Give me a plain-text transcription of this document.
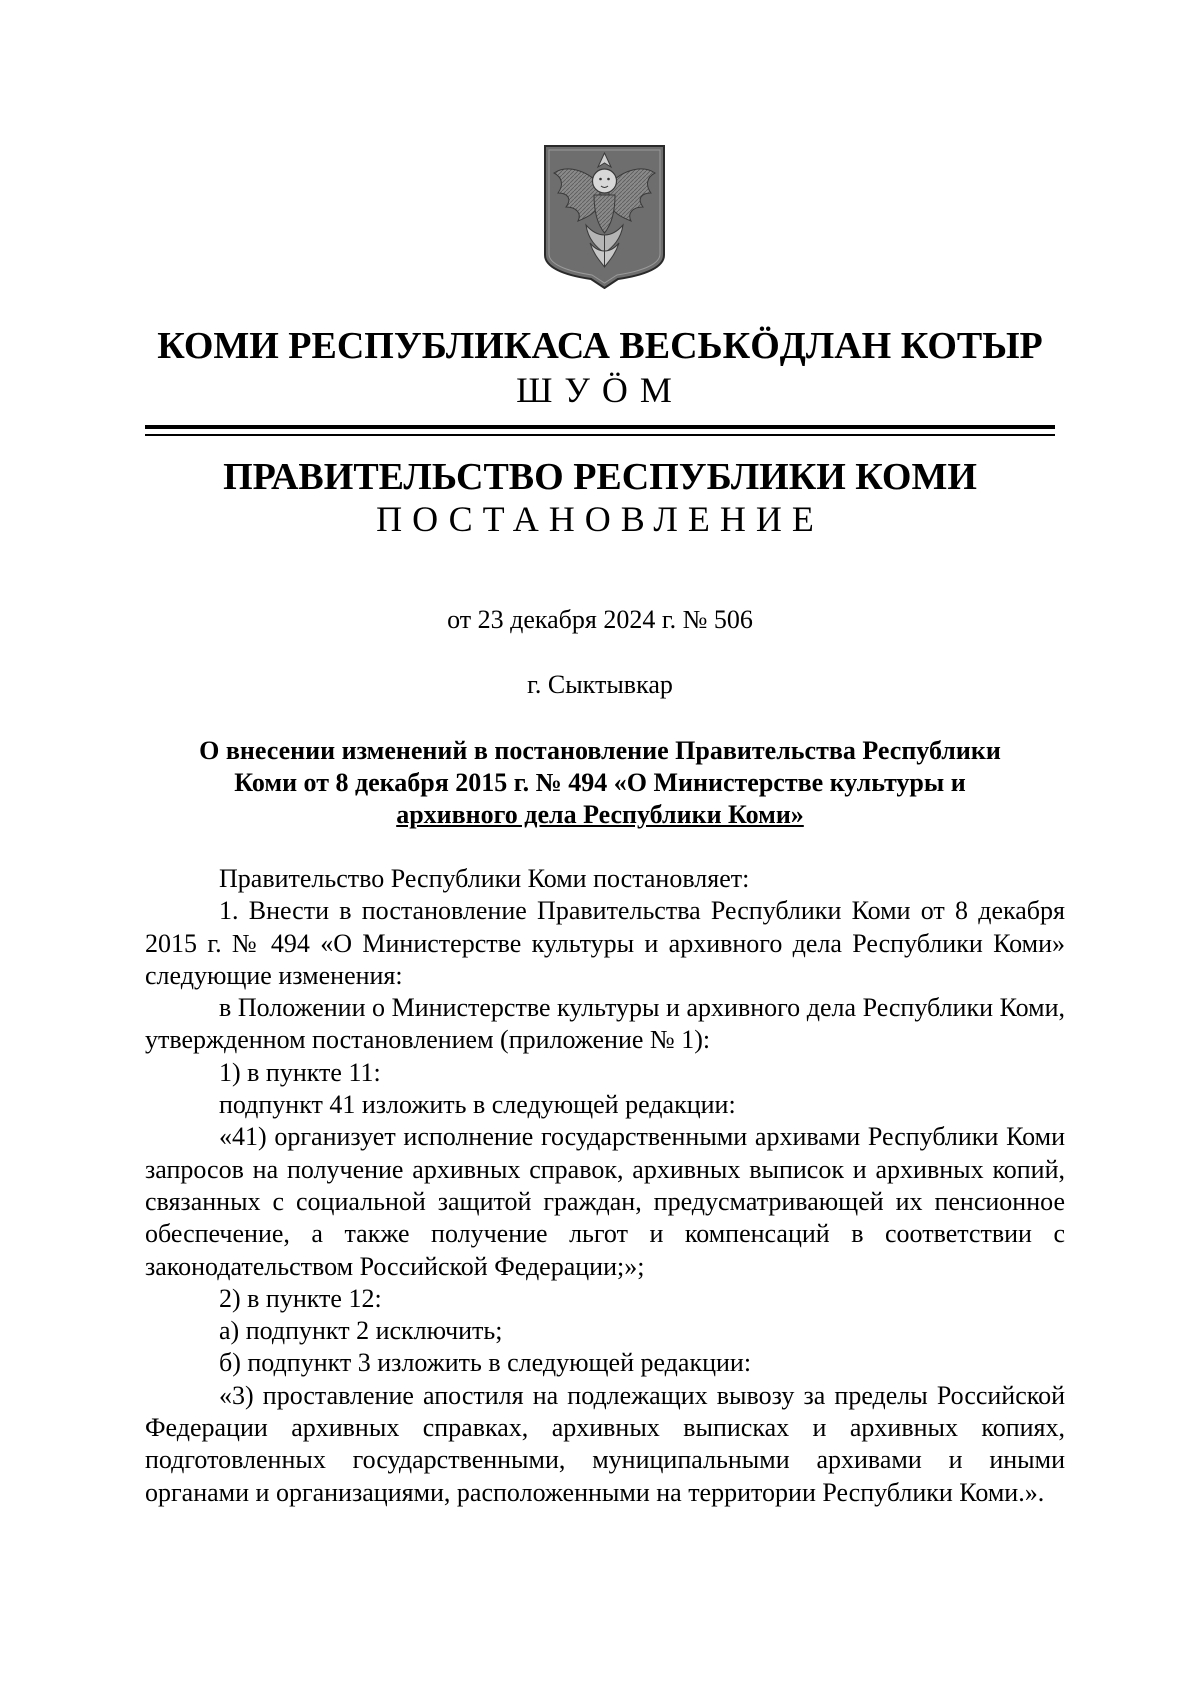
КОМИ РЕСПУБЛИКАСА ВЕСЬКӦДЛАН КОТЫР
ШУӦМ
ПРАВИТЕЛЬСТВО РЕСПУБЛИКИ КОМИ
ПОСТАНОВЛЕНИЕ
от 23 декабря 2024 г. № 506
г. Сыктывкар
О внесении изменений в постановление Правительства Республики
Коми от 8 декабря 2015 г. № 494 «О Министерстве культуры и
архивного дела Республики Коми»

Правительство Республики Коми постановляет:

1. Внести в постановление Правительства Республики Коми от 8 декабря 2015 г. № 494 «О Министерстве культуры и архивного дела Республики Коми» следующие изменения:

в Положении о Министерстве культуры и архивного дела Республики Коми, утвержденном постановлением (приложение № 1):

1) в пункте 11:

подпункт 41 изложить в следующей редакции:

«41) организует исполнение государственными архивами Республики Коми запросов на получение архивных справок, архивных выписок и архивных копий, связанных с социальной защитой граждан, предусматривающей их пенсионное обеспечение, а также получение льгот и компенсаций в соответствии с законодательством Российской Федерации;»;

2) в пункте 12:

а) подпункт 2 исключить;

б) подпункт 3 изложить в следующей редакции:

«3) проставление апостиля на подлежащих вывозу за пределы Российской Федерации архивных справках, архивных выписках и архивных копиях, подготовленных государственными, муниципальными архивами и иными органами и организациями, расположенными на территории Республики Коми.».
